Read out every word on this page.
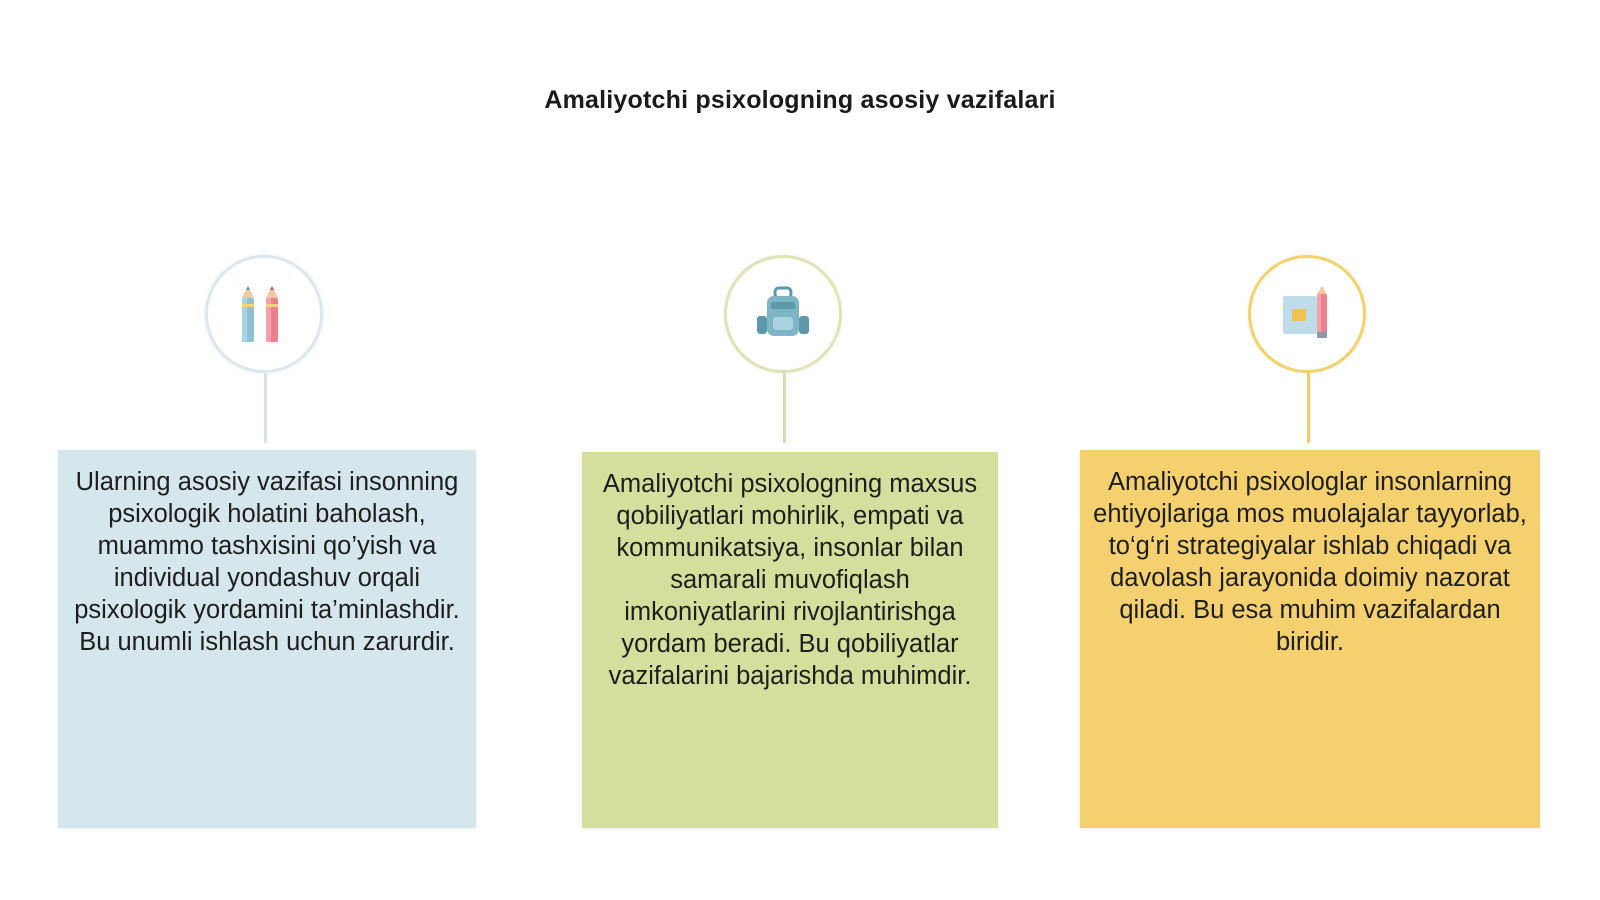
Amaliyotchi psixologning asosiy vazifalari
Ularning asosiy vazifasi insonning psixologik holatini baholash, muammo tashxisini qo’yish va individual yondashuv orqali psixologik yordamini ta’minlashdir. Bu unumli ishlash uchun zarurdir.
Amaliyotchi psixologning maxsus qobiliyatlari mohirlik, empati va kommunikatsiya, insonlar bilan samarali muvofiqlash imkoniyatlarini rivojlantirishga yordam beradi. Bu qobiliyatlar vazifalarini bajarishda muhimdir.
Amaliyotchi psixologlar insonlarning ehtiyojlariga mos muolajalar tayyorlab, to‘g‘ri strategiyalar ishlab chiqadi va davolash jarayonida doimiy nazorat qiladi. Bu esa muhim vazifalardan biridir.
